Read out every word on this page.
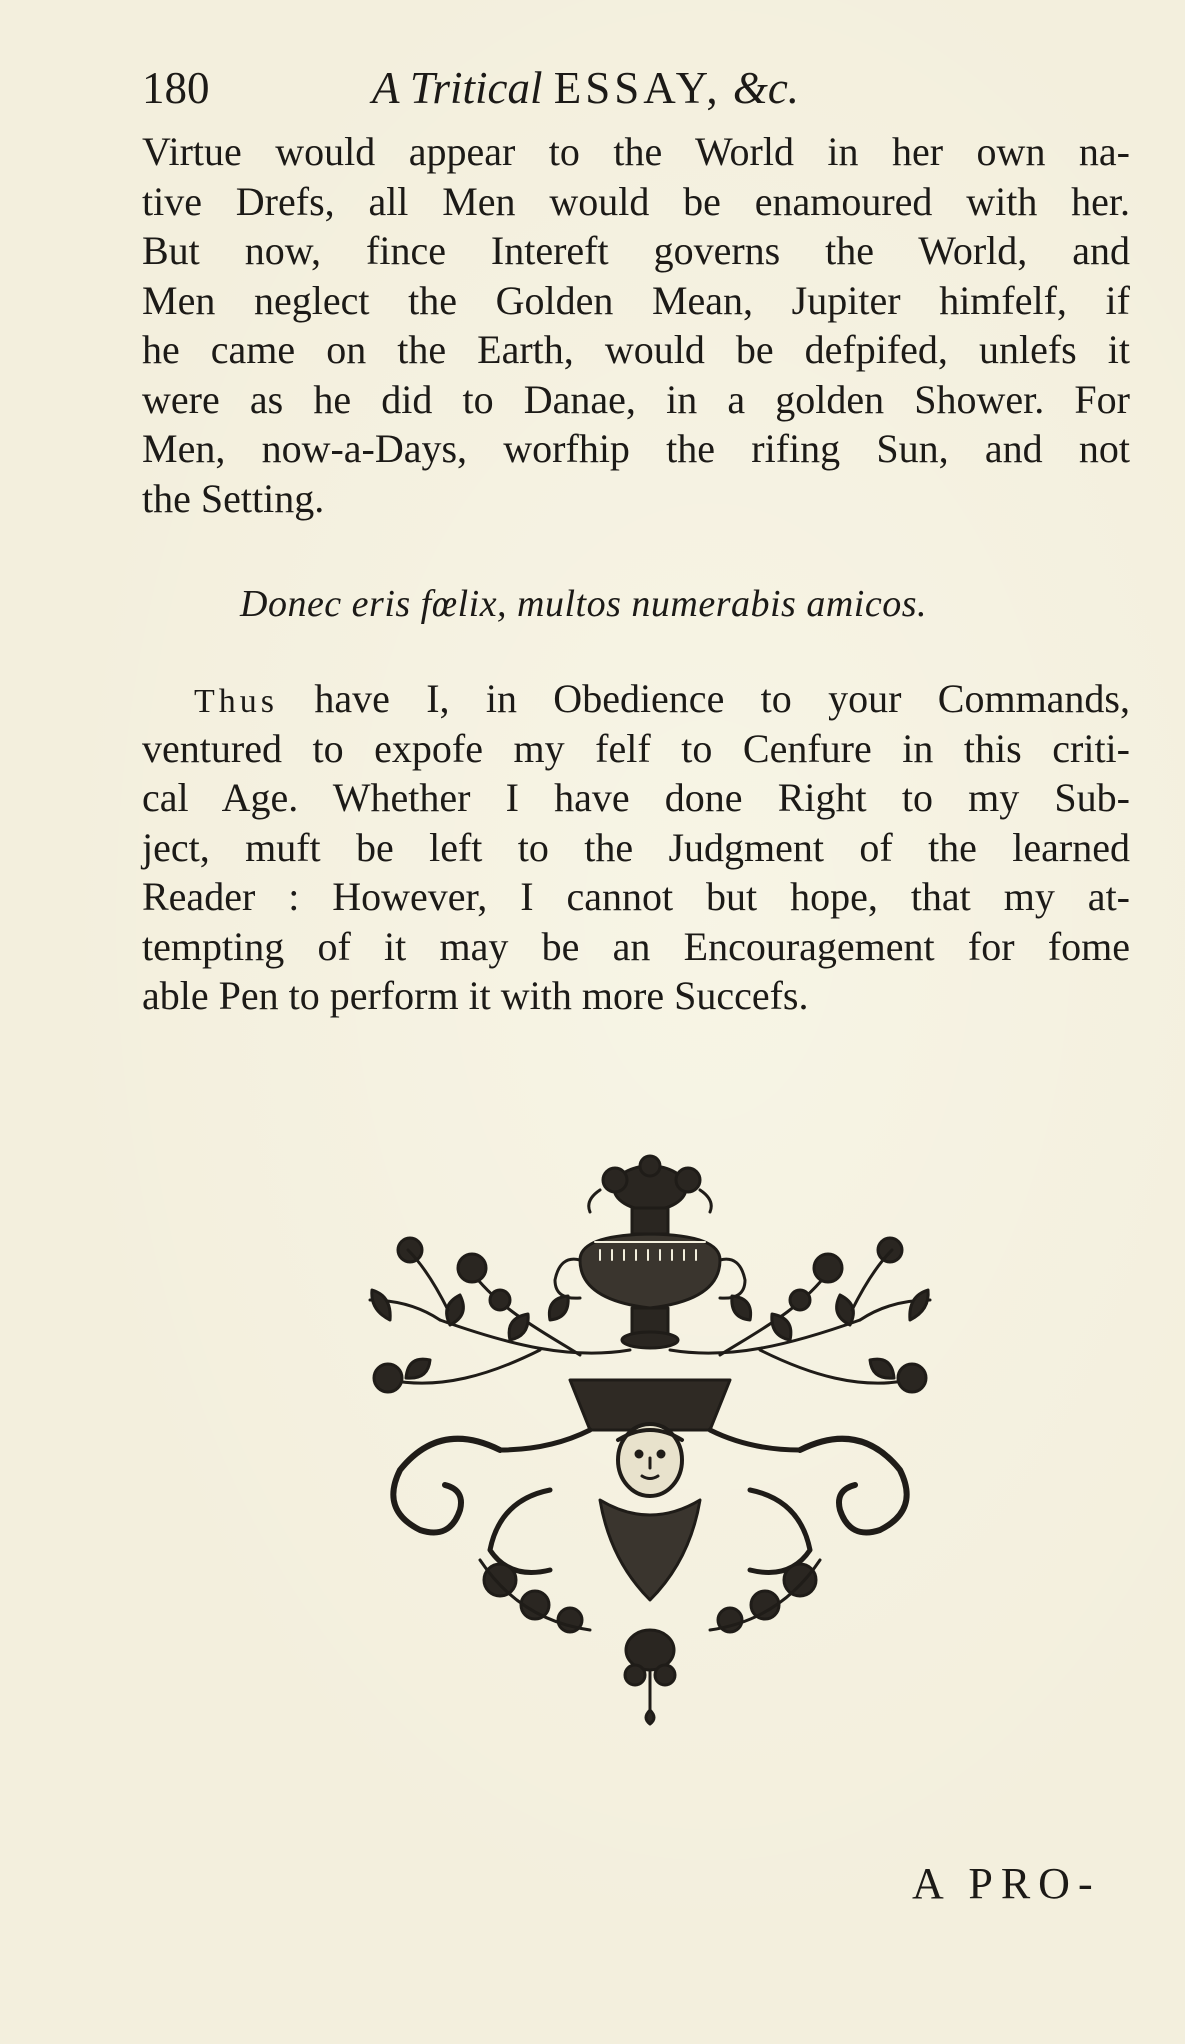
180	A Tritical ESSAY, &c.
Virtue would appear to the World in her own na-
tive Drefs, all Men would be enamoured with her.
But now, fince Intereft governs the World, and
Men neglect the Golden Mean, Jupiter himfelf, if
he came on the Earth, would be defpifed, unlefs it
were as he did to Danae, in a golden Shower. For
Men, now-a-Days, worfhip the rifing Sun, and not
the Setting.
Donec eris fœlix, multos numerabis amicos.
Thus have I, in Obedience to your Commands,
ventured to expofe my felf to Cenfure in this criti-
cal Age. Whether I have done Right to my Sub-
ject, muft be left to the Judgment of the learned
Reader : However, I cannot but hope, that my at-
tempting of it may be an Encouragement for fome
able Pen to perform it with more Succefs.
A PRO-
